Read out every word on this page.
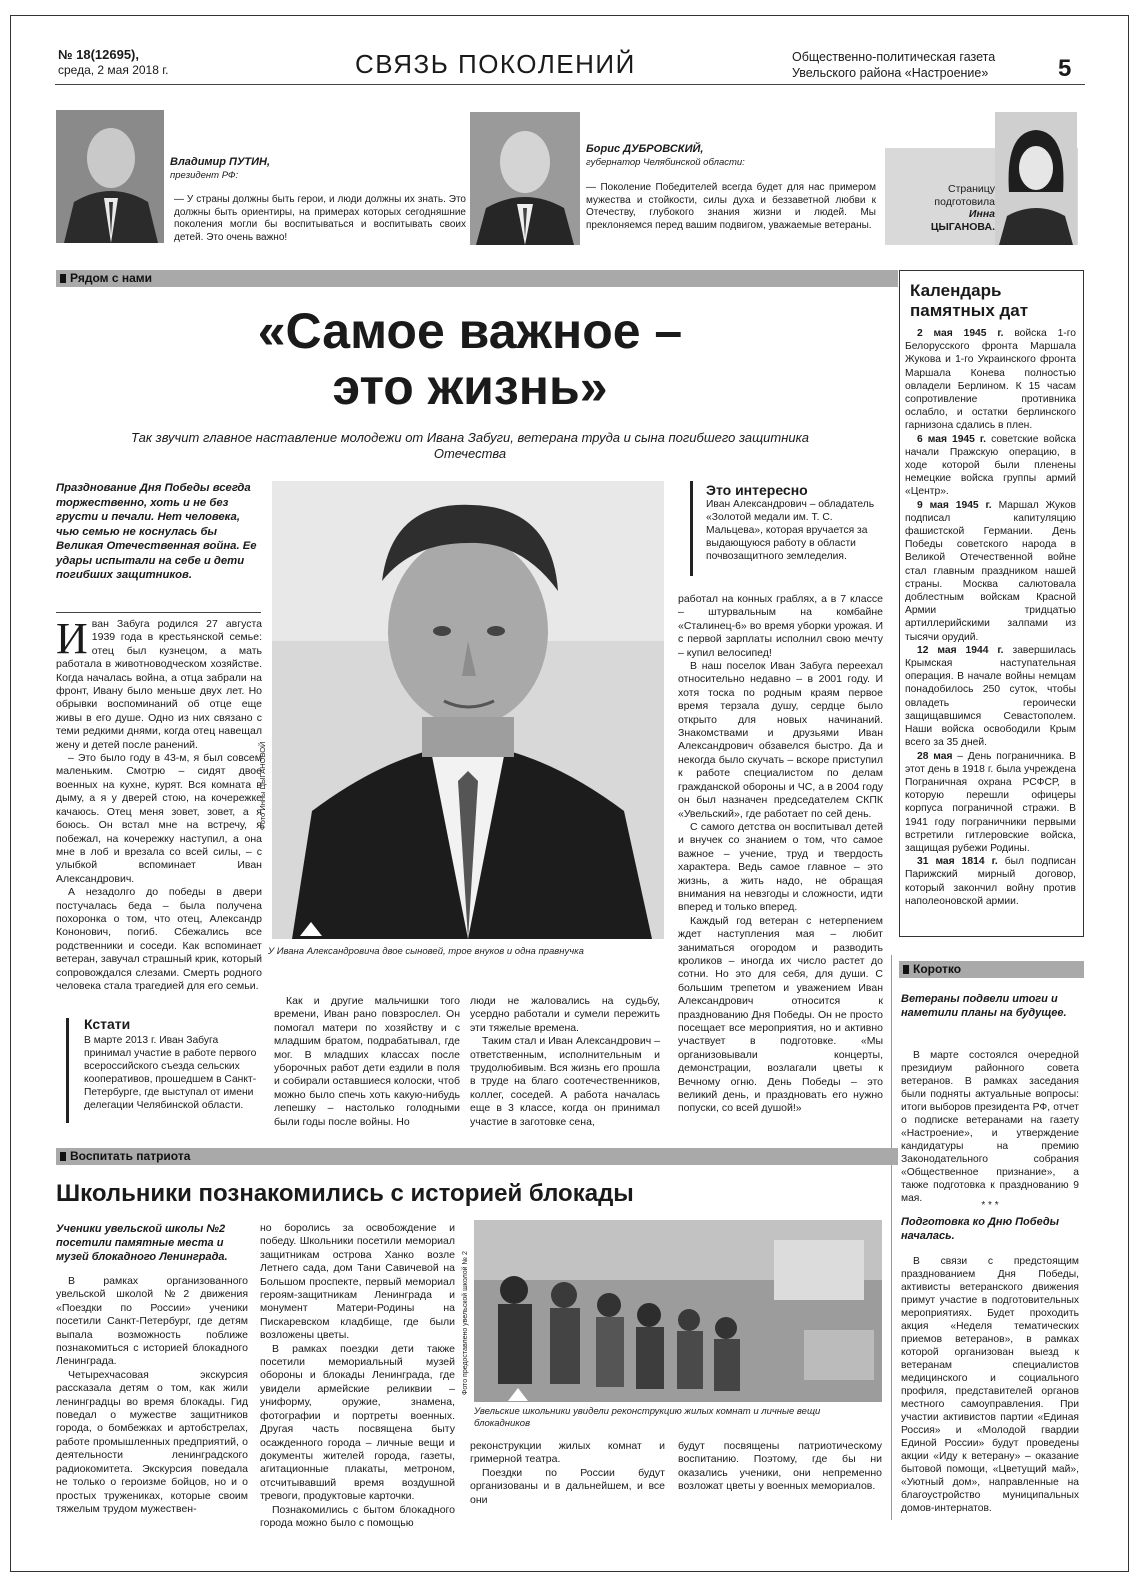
№ 18(12695),
среда, 2 мая 2018 г.	СВЯЗЬ ПОКОЛЕНИЙ	Общественно-политическая газета
Увельского района «Настроение»	5
Владимир ПУТИН,
президент РФ:
— У страны должны быть герои, и люди должны их знать. Это должны быть ориентиры, на примерах которых сегодняшние поколения могли бы воспитываться и воспитывать своих детей. Это очень важно!
Борис ДУБРОВСКИЙ,
губернатор Челябинской области:
— Поколение Победителей всегда будет для нас примером мужества и стойкости, силы духа и беззаветной любви к Отечеству, глубокого знания жизни и людей. Мы преклоняемся перед вашим подвигом, уважаемые ветераны.
Страницу
подготовила
Инна
ЦЫГАНОВА.
Рядом с нами
«Самое важное –
это жизнь»
Так звучит главное наставление молодежи от Ивана Забуги, ветерана труда и сына погибшего защитника Отечества
Празднование Дня Победы всегда торжественно, хоть и не без грусти и печали. Нет человека, чью семью не коснулась бы Великая Отечественная война. Ее удары испытали на себе и дети погибших защитников.
И ван Забуга родился 27 августа 1939 года в крестьянской семье: отец был кузнецом, а мать работала в животноводческом хозяйстве. Когда началась война, а отца забрали на фронт, Ивану было меньше двух лет. Но обрывки воспоминаний об отце еще живы в его душе. Одно из них связано с теми редкими днями, когда отец навещал жену и детей после ранений.

– Это было году в 43-м, я был совсем маленьким. Смотрю – сидят двое военных на кухне, курят. Вся комната в дыму, а я у дверей стою, на кочережке качаюсь. Отец меня зовет, зовет, а я боюсь. Он встал мне на встречу, я побежал, на кочережку наступил, а она мне в лоб и врезала со всей силы, – с улыбкой вспоминает Иван Александрович.

А незадолго до победы в двери постучалась беда – была получена похоронка о том, что отец, Александр Кононович, погиб. Сбежались все родственники и соседи. Как вспоминает ветеран, завучал страшный крик, который сопровождался слезами. Смерть родного человека стала трагедией для его семьи.

Кстати
В марте 2013 г. Иван Забуга принимал участие в работе первого всероссийского съезда сельских кооперативов, прошедшем в Санкт-Петербурге, где выступал от имени делегации Челябинской области.
Фото Инны ЦЫГАНОВОЙ
У Ивана Александровича двое сыновей, трое внуков и одна правнучка

Как и другие мальчишки того времени, Иван рано повзрослел. Он помогал матери по хозяйству и с младшим братом, подрабатывал, где мог. В младших классах после уборочных работ дети ездили в поля и собирали оставшиеся колоски, чтоб можно было спечь хоть какую-нибудь лепешку – настолько голодными были годы после войны. Но

люди не жаловались на судьбу, усердно работали и сумели пережить эти тяжелые времена.

Таким стал и Иван Александрович – ответственным, исполнительным и трудолюбивым. Вся жизнь его прошла в труде на благо соотечественников, коллег, соседей. А работа началась еще в 3 классе, когда он принимал участие в заготовке сена,

Это интересно
Иван Александрович – обладатель «Золотой медали им. Т. С. Мальцева», которая вручается за выдающуюся работу в области почвозащитного земледелия.

работал на конных граблях, а в 7 классе – штурвальным на комбайне «Сталинец-6» во время уборки урожая. И с первой зарплаты исполнил свою мечту – купил велосипед!

В наш поселок Иван Забуга переехал относительно недавно – в 2001 году. И хотя тоска по родным краям первое время терзала душу, сердце было открыто для новых начинаний. Знакомствами и друзьями Иван Александрович обзавелся быстро. Да и некогда было скучать – вскоре приступил к работе специалистом по делам гражданской обороны и ЧС, а в 2004 году он был назначен председателем СКПК «Увельский», где работает по сей день.

С самого детства он воспитывал детей и внучек со знанием о том, что самое важное – учение, труд и твердость характера. Ведь самое главное – это жизнь, а жить надо, не обращая внимания на невзгоды и сложности, идти вперед и только вперед.

Каждый год ветеран с нетерпением ждет наступления мая – любит заниматься огородом и разводить кроликов – иногда их число растет до сотни. Но это для себя, для души. С большим трепетом и уважением Иван Александрович относится к празднованию Дня Победы. Он не просто посещает все мероприятия, но и активно участвует в подготовке. «Мы организовывали концерты, демонстрации, возлагали цветы к Вечному огню. День Победы – это великий день, и праздновать его нужно попуски, со всей душой!»

Календарь
памятных дат

2 мая 1945 г. войска 1-го Белорусского фронта Маршала Жукова и 1-го Украинского фронта Маршала Конева полностью овладели Берлином. К 15 часам сопротивление противника ослабло, и остатки берлинского гарнизона сдались в плен.

6 мая 1945 г. советские войска начали Пражскую операцию, в ходе которой были пленены немецкие войска группы армий «Центр».

9 мая 1945 г. Маршал Жуков подписал капитуляцию фашистской Германии. День Победы советского народа в Великой Отечественной войне стал главным праздником нашей страны. Москва салютовала доблестным войскам Красной Армии тридцатью артиллерийскими залпами из тысячи орудий.

12 мая 1944 г. завершилась Крымская наступательная операция. В начале войны немцам понадобилось 250 суток, чтобы овладеть героически защищавшимся Севастополем. Наши войска освободили Крым всего за 35 дней.

28 мая – День пограничника. В этот день в 1918 г. была учреждена Пограничная охрана РСФСР, в которую перешли офицеры корпуса пограничной стражи. В 1941 году пограничники первыми встретили гитлеровские войска, защищая рубежи Родины.

31 мая 1814 г. был подписан Парижский мирный договор, который закончил войну против наполеоновской армии.

Коротко
Ветераны подвели итоги и наметили планы на будущее.

В марте состоялся очередной президиум районного совета ветеранов. В рамках заседания были подняты актуальные вопросы: итоги выборов президента РФ, отчет о подписке ветеранами на газету «Настроение», и утверждение кандидатуры на премию Законодательного собрания «Общественное признание», а также подготовка к празднованию 9 мая.

* * *
Подготовка ко Дню Победы началась.

В связи с предстоящим празднованием Дня Победы, активисты ветеранского движения примут участие в подготовительных мероприятиях. Будет проходить акция «Неделя тематических приемов ветеранов», в рамках которой организован выезд к ветеранам специалистов медицинского и социального профиля, представителей органов местного самоуправления. При участии активистов партии «Единая Россия» и «Молодой гвардии Единой России» будут проведены акции «Иду к ветерану» – оказание бытовой помощи, «Цветущий май», «Уютный дом», направленные на благоустройство муниципальных домов-интернатов.

Воспитать патриота
Школьники познакомились с историей блокады
Ученики увельской школы №2 посетили памятные места и музей блокадного Ленинграда.

В рамках организованного увельской школой №2 движения «Поездки по России» ученики посетили Санкт-Петербург, где детям выпала возможность поближе познакомиться с историей блокадного Ленинграда.

Четырехчасовая экскурсия рассказала детям о том, как жили ленинградцы во время блокады. Гид поведал о мужестве защитников города, о бомбежках и артобстрелах, работе промышленных предприятий, о деятельности ленинградского радиокомитета. Экскурсия поведала не только о героизме бойцов, но и о простых тружениках, которые своим тяжелым трудом мужествен-

но боролись за освобождение и победу. Школьники посетили мемориал защитникам острова Ханко возле Летнего сада, дом Тани Савичевой на Большом проспекте, первый мемориал героям-защитникам Ленинграда и монумент Матери-Родины на Пискаревском кладбище, где были возложены цветы.

В рамках поездки дети также посетили мемориальный музей обороны и блокады Ленинграда, где увидели армейские реликвии – униформу, оружие, знамена, фотографии и портреты военных. Другая часть посвящена быту осажденного города – личные вещи и документы жителей города, газеты, агитационные плакаты, метроном, отсчитывавший время воздушной тревоги, продуктовые карточки.

Познакомились с бытом блокадного города можно было с помощью

Фото предоставлено увельской школой № 2
Увельские школьники увидели реконструкцию жилых комнат и личные вещи блокадников

реконструкции жилых комнат и гримерной театра.

Поездки по России будут организованы и в дальнейшем, и все они

будут посвящены патриотическому воспитанию. Поэтому, где бы ни оказались ученики, они непременно возложат цветы у военных мемориалов.
